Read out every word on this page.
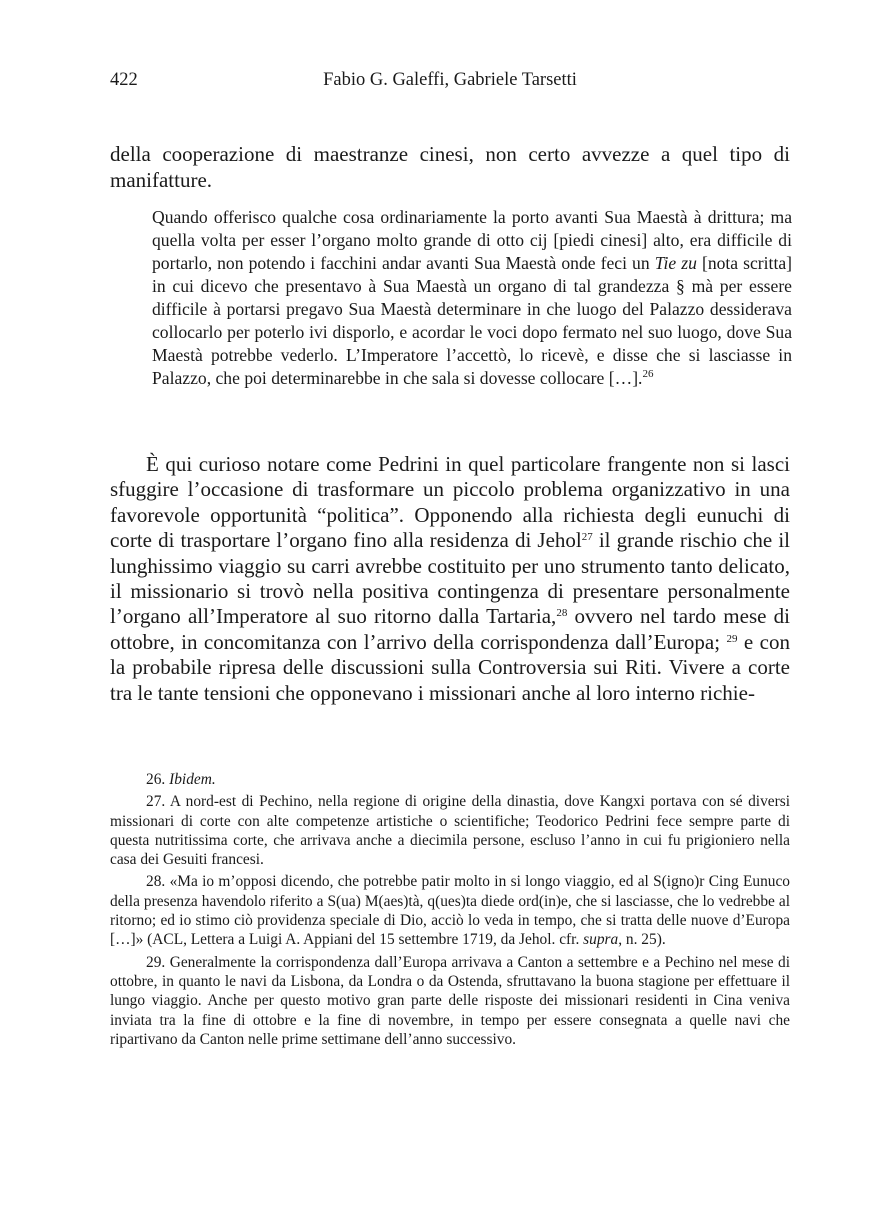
422	Fabio G. Galeffi, Gabriele Tarsetti

della cooperazione di maestranze cinesi, non certo avvezze a quel tipo di manifatture.

Quando offerisco qualche cosa ordinariamente la porto avanti Sua Maestà à drittura; ma quella volta per esser l’organo molto grande di otto cij [piedi cinesi] alto, era difficile di portarlo, non potendo i facchini andar avanti Sua Maestà onde feci un Tie zu [nota scritta] in cui dicevo che presentavo à Sua Maestà un organo di tal grandezza § mà per essere difficile à portarsi pregavo Sua Maestà determinare in che luogo del Palazzo dessiderava collocarlo per poterlo ivi disporlo, e acordar le voci dopo fermato nel suo luogo, dove Sua Maestà potrebbe vederlo. L’Imperatore l’accettò, lo ricevè, e disse che si lasciasse in Palazzo, che poi determinarebbe in che sala si dovesse collocare […].$^{26}$

È qui curioso notare come Pedrini in quel particolare frangente non si lasci sfuggire l’occasione di trasformare un piccolo problema organizzativo in una favorevole opportunità “politica”. Opponendo alla richiesta degli eunuchi di corte di trasportare l’organo fino alla residenza di Jehol$^{27}$ il grande rischio che il lunghissimo viaggio su carri avrebbe costituito per uno strumento tanto delicato, il missionario si trovò nella positiva contingenza di presentare personalmente l’organo all’Imperatore al suo ritorno dalla Tartaria,$^{28}$ ovvero nel tardo mese di ottobre, in concomitanza con l’arrivo della corrispondenza dall’Europa; $^{29}$ e con la probabile ripresa delle discussioni sulla Controversia sui Riti. Vivere a corte tra le tante tensioni che opponevano i missionari anche al loro interno richie-

26. Ibidem.

27. A nord-est di Pechino, nella regione di origine della dinastia, dove Kangxi portava con sé diversi missionari di corte con alte competenze artistiche o scientifiche; Teodorico Pedrini fece sempre parte di questa nutritissima corte, che arrivava anche a diecimila persone, escluso l’anno in cui fu prigioniero nella casa dei Gesuiti francesi.

28. «Ma io m’opposi dicendo, che potrebbe patir molto in si longo viaggio, ed al S(igno)r Cing Eunuco della presenza havendolo riferito a S(ua) M(aes)tà, q(ues)ta diede ord(in)e, che si lasciasse, che lo vedrebbe al ritorno; ed io stimo ciò providenza speciale di Dio, acciò lo veda in tempo, che si tratta delle nuove d’Europa […]» (ACL, Lettera a Luigi A. Appiani del 15 settembre 1719, da Jehol. cfr. supra, n. 25).

29. Generalmente la corrispondenza dall’Europa arrivava a Canton a settembre e a Pechino nel mese di ottobre, in quanto le navi da Lisbona, da Londra o da Ostenda, sfruttavano la buona stagione per effettuare il lungo viaggio. Anche per questo motivo gran parte delle risposte dei missionari residenti in Cina veniva inviata tra la fine di ottobre e la fine di novembre, in tempo per essere consegnata a quelle navi che ripartivano da Canton nelle prime settimane dell’anno successivo.
